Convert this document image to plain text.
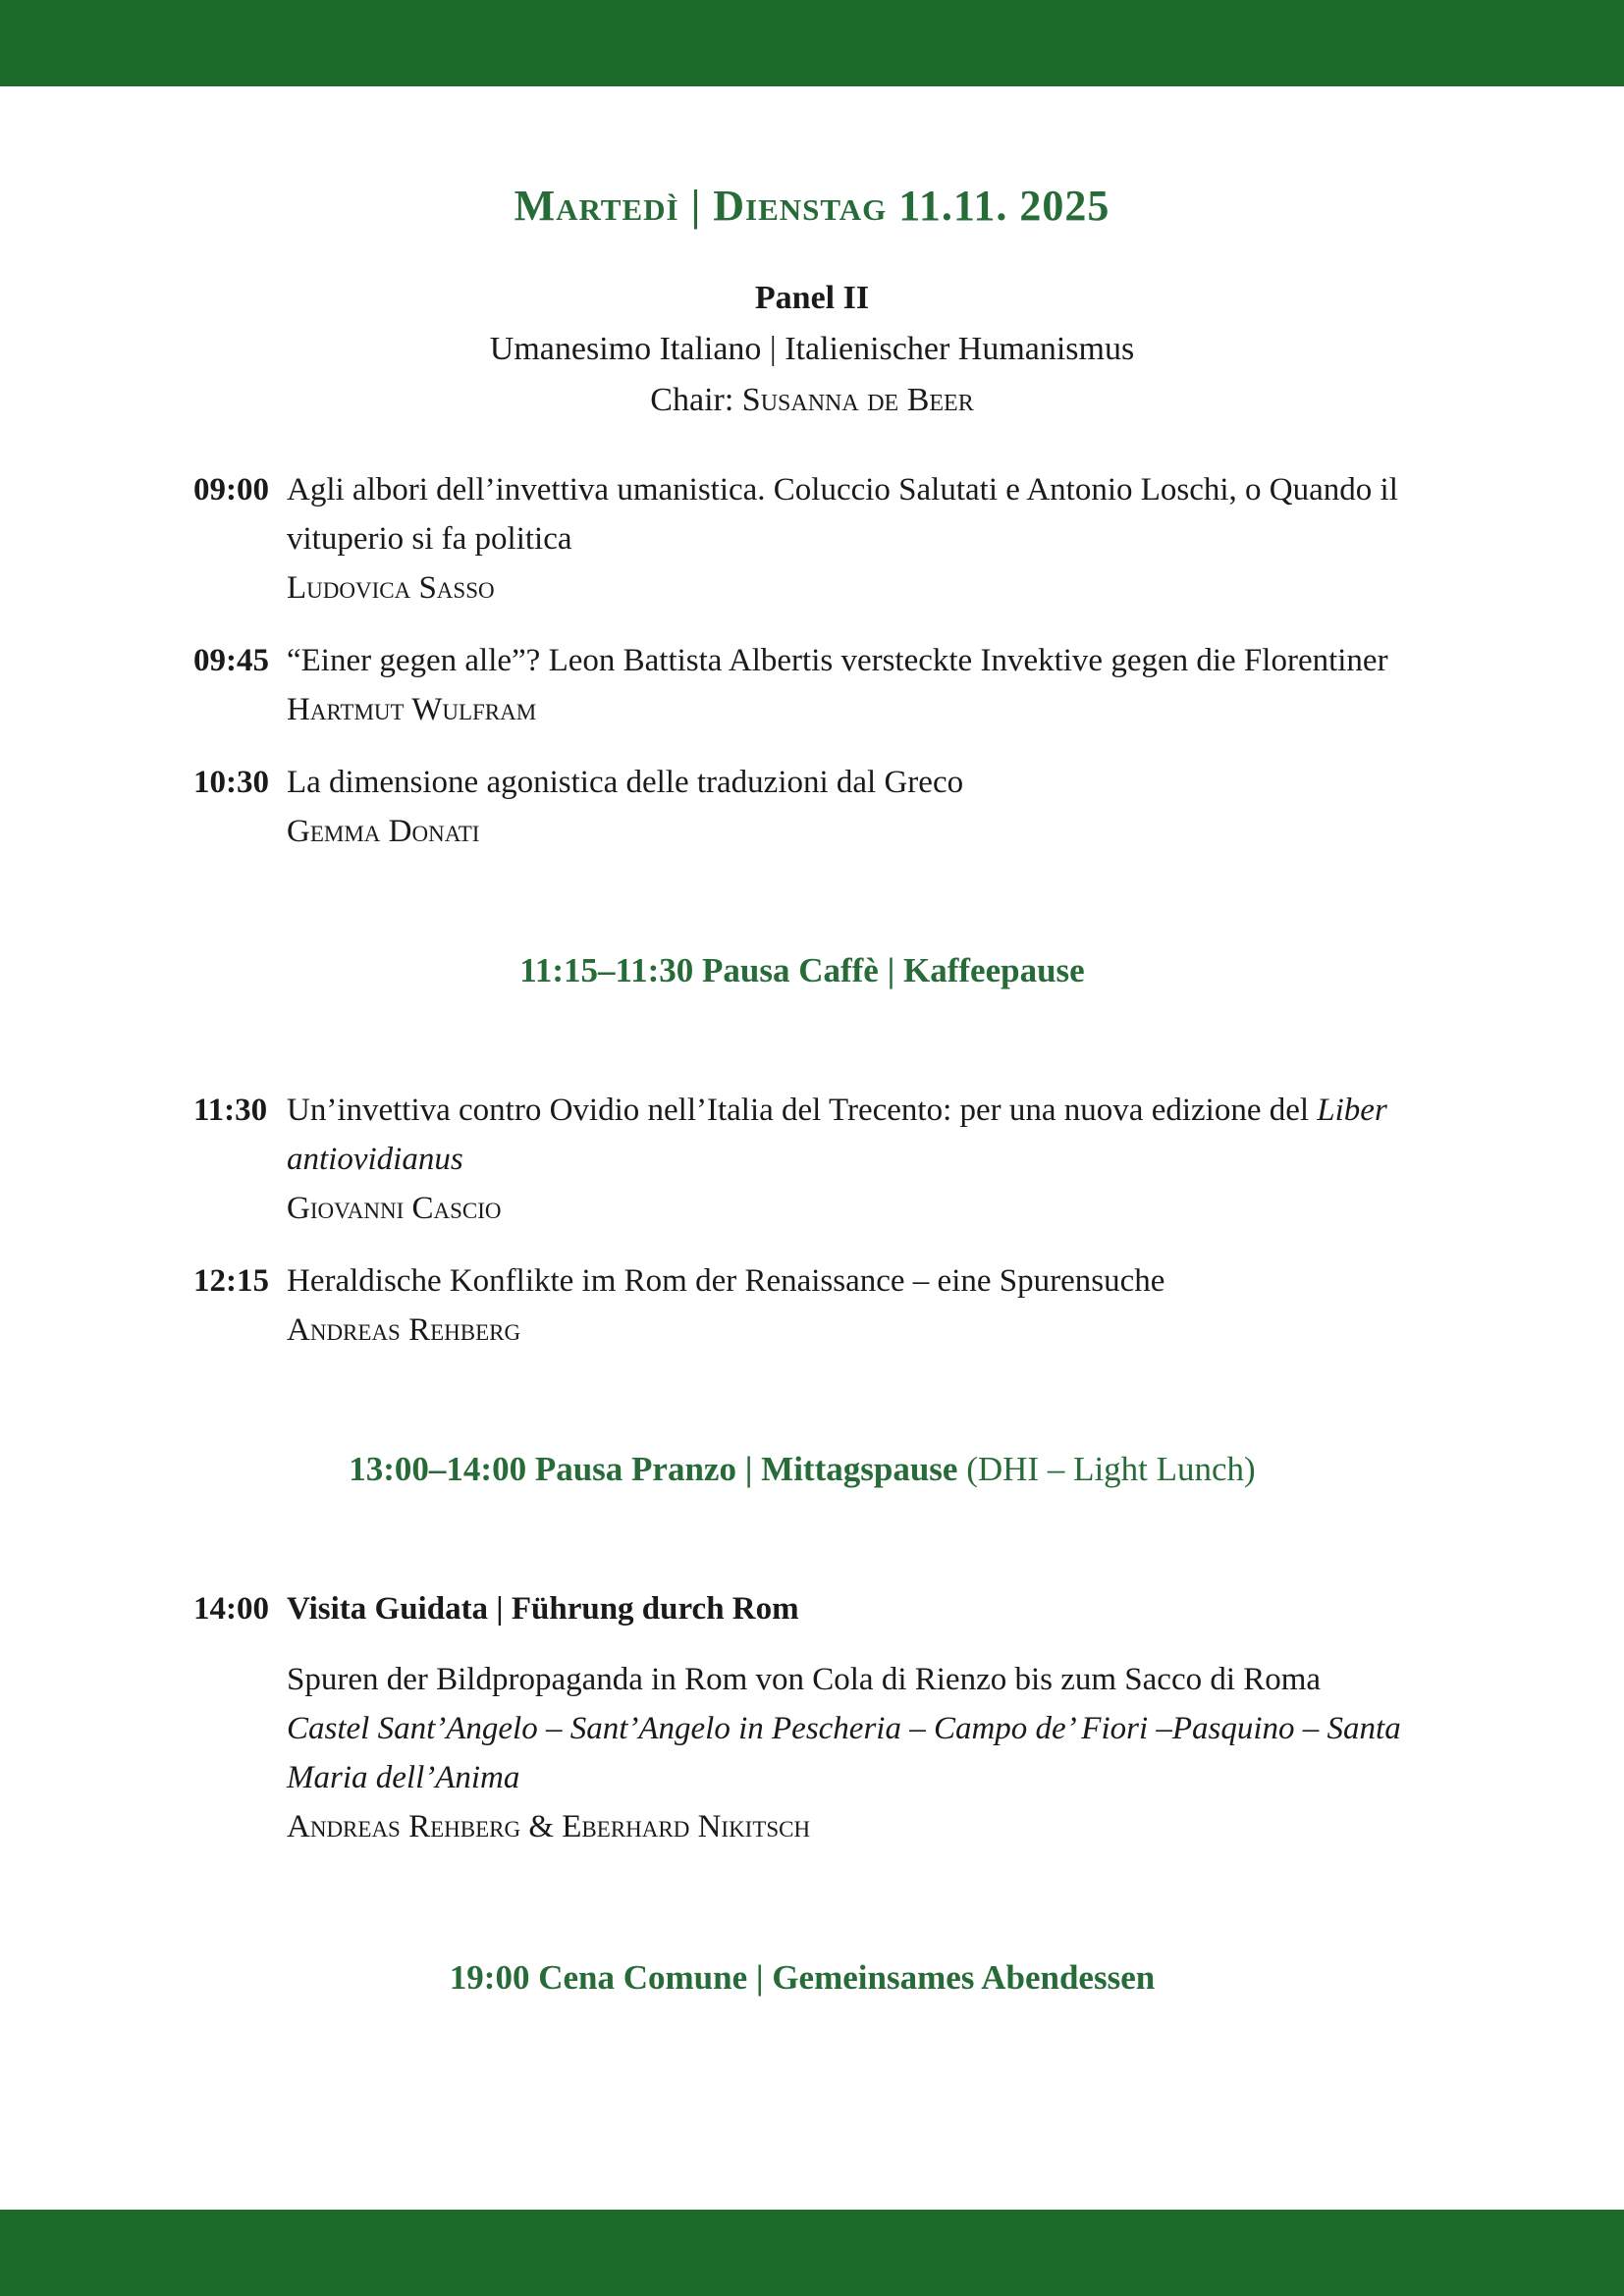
Martedì | Dienstag 11.11. 2025
Panel II
Umanesimo Italiano | Italienischer Humanismus
Chair: Susanna de Beer
09:00 Agli albori dell’invettiva umanistica. Coluccio Salutati e Antonio Loschi, o Quando il vituperio si fa politica
Ludovica Sasso
09:45 “Einer gegen alle”? Leon Battista Albertis versteckte Invektive gegen die Florentiner
Hartmut Wulfram
10:30 La dimensione agonistica delle traduzioni dal Greco
Gemma Donati
11:15–11:30 Pausa Caffè | Kaffeepause
11:30 Un’invettiva contro Ovidio nell’Italia del Trecento: per una nuova edizione del Liber antiovidianus
Giovanni Cascio
12:15 Heraldische Konflikte im Rom der Renaissance – eine Spurensuche
Andreas Rehberg
13:00–14:00 Pausa Pranzo | Mittagspause (DHI – Light Lunch)
14:00 Visita Guidata | Führung durch Rom
Spuren der Bildpropaganda in Rom von Cola di Rienzo bis zum Sacco di Roma
Castel Sant’Angelo – Sant’Angelo in Pescheria – Campo de’ Fiori –Pasquino – Santa Maria dell’Anima
Andreas Rehberg & Eberhard Nikitsch
19:00 Cena Comune | Gemeinsames Abendessen
